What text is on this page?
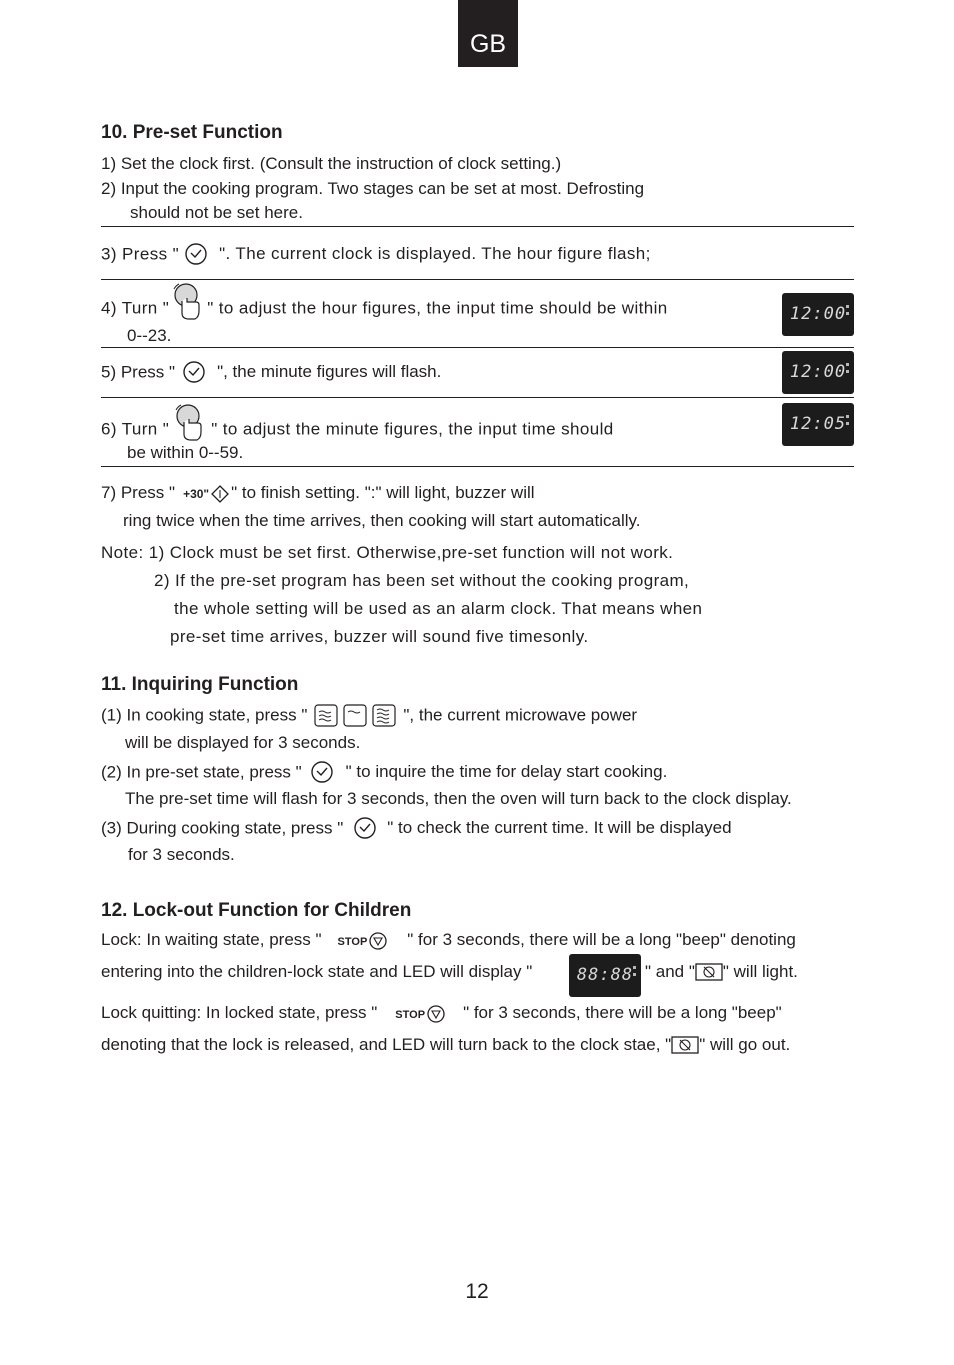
GB
10. Pre-set Function
1) Set the clock first. (Consult the instruction of clock setting.)
2) Input the cooking program. Two stages can be set at most. Defrosting
should not be set here.
3) Press " ". The current clock is displayed. The hour figure flash;
4) Turn " " to adjust the hour figures, the input time should be within
0--23.
12:00
5) Press " ", the minute figures will flash.	12:00
6) Turn " " to adjust the minute figures, the input time should
be within 0--59.
12:05
7) Press " +30" " to finish setting. ":" will light, buzzer will
ring twice when the time arrives, then cooking will start automatically.
Note: 1) Clock must be set first. Otherwise,pre-set function will not work.
2) If the pre-set program has been set without the cooking program,
the whole setting will be used as an alarm clock. That means when
pre-set time arrives, buzzer will sound five timesonly.
11. Inquiring Function
(1) In cooking state, press "	", the current microwave power
will be displayed for 3 seconds.
(2) In pre-set state, press "	" to inquire the time for delay start cooking.
The pre-set time will flash for 3 seconds, then the oven will turn back to the clock display.
(3) During cooking state, press "	" to check the current time. It will be displayed
for 3 seconds.
12. Lock-out Function for Children
Lock: In waiting state, press " STOP " for 3 seconds, there will be a long "beep" denoting
entering into the children-lock state and LED will display "	88:88 " and " " will light.
Lock quitting: In locked state, press " STOP " for 3 seconds, there will be a long "beep"
denoting that the lock is released, and LED will turn back to the clock stae, " " will go out.
12
